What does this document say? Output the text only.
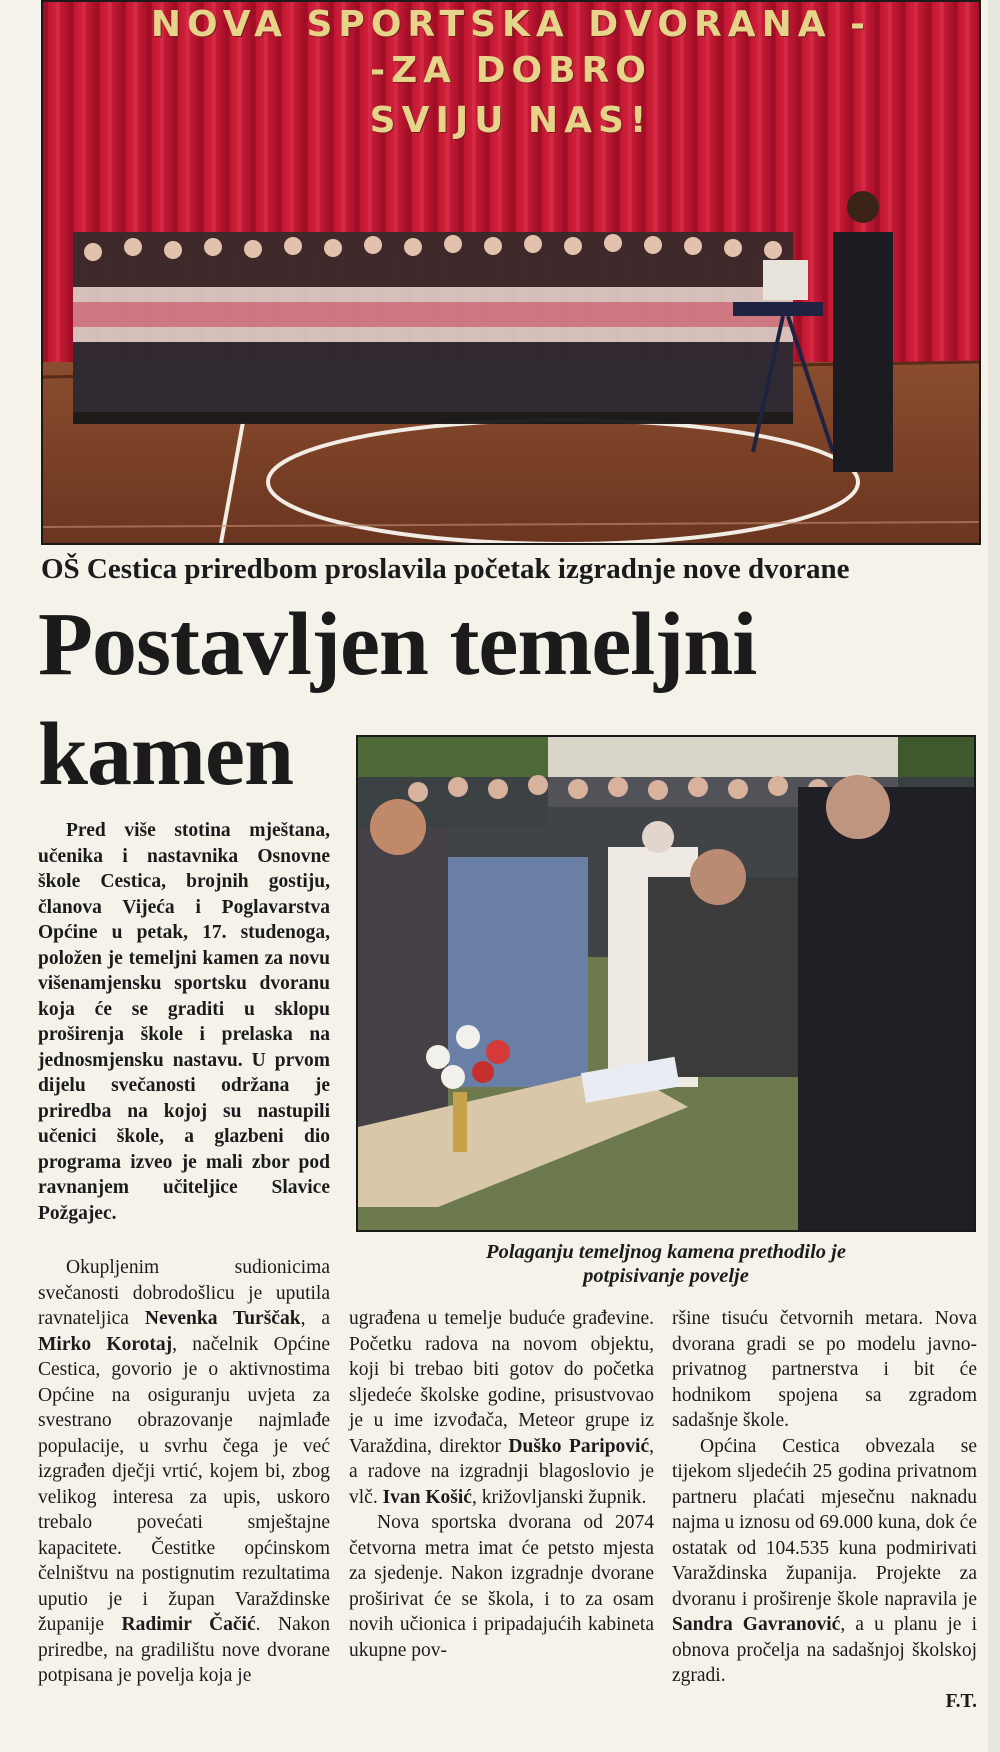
NOVA SPORTSKA DVORANA -
-ZA DOBRO
SVIJU NAS!
OŠ Cestica priredbom proslavila početak izgradnje nove dvorane
Postavljen temeljni
kamen
Polaganju temeljnog kamena prethodilo je
potpisivanje povelje

Pred više stotina mještana, učenika i nastavnika Osnovne škole Cestica, brojnih gostiju, članova Vijeća i Poglavarstva Općine u petak, 17. studenoga, položen je temeljni kamen za novu višenamjensku sportsku dvoranu koja će se graditi u sklopu proširenja škole i prelaska na jednosmjensku nastavu. U prvom dijelu svečanosti održana je priredba na kojoj su nastupili učenici škole, a glazbeni dio programa izveo je mali zbor pod ravnanjem učiteljice Slavice Požgajec.

Okupljenim sudionicima svečanosti dobrodošlicu je uputila ravnateljica Nevenka Turščak, a Mirko Korotaj, načelnik Općine Cestica, govorio je o aktivnostima Općine na osiguranju uvjeta za svestrano obrazovanje najmlađe populacije, u svrhu čega je već izgrađen dječji vrtić, kojem bi, zbog velikog interesa za upis, uskoro trebalo povećati smještajne kapacitete. Čestitke općinskom čelništvu na postignutim rezultatima uputio je i župan Varaždinske županije Radimir Čačić. Nakon priredbe, na gradilištu nove dvorane potpisana je povelja koja je

ugrađena u temelje buduće građevine. Početku radova na novom objektu, koji bi trebao biti gotov do početka sljedeće školske godine, prisustvovao je u ime izvođača, Meteor grupe iz Varaždina, direktor Duško Paripović, a radove na izgradnji blagoslovio je vlč. Ivan Košić, križovljanski župnik.

Nova sportska dvorana od 2074 četvorna metra imat će petsto mjesta za sjedenje. Nakon izgradnje dvorane proširivat će se škola, i to za osam novih učionica i pripadajućih kabineta ukupne pov-

ršine tisuću četvornih metara. Nova dvorana gradi se po modelu javno-privatnog partnerstva i bit će hodnikom spojena sa zgradom sadašnje škole.

Općina Cestica obvezala se tijekom sljedećih 25 godina privatnom partneru plaćati mjesečnu naknadu najma u iznosu od 69.000 kuna, dok će ostatak od 104.535 kuna podmirivati Varaždinska županija. Projekte za dvoranu i proširenje škole napravila je Sandra Gavranović, a u planu je i obnova pročelja na sadašnjoj školskoj zgradi.

F.T.
